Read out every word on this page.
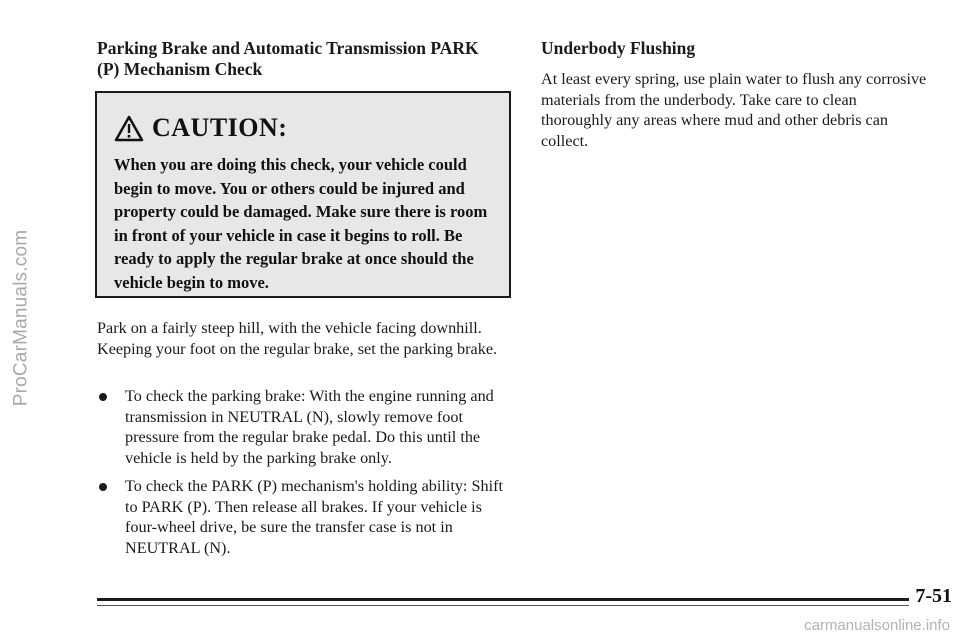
ProCarManuals.com
Parking Brake and Automatic Transmission PARK
(P) Mechanism Check
CAUTION:

When you are doing this check, your vehicle could begin to move. You or others could be injured and property could be damaged. Make sure there is room in front of your vehicle in case it begins to roll. Be ready to apply the regular brake at once should the vehicle begin to move.

Park on a fairly steep hill, with the vehicle facing downhill. Keeping your foot on the regular brake, set the parking brake.

To check the parking brake: With the engine running and transmission in NEUTRAL (N), slowly remove foot pressure from the regular brake pedal. Do this until the vehicle is held by the parking brake only.
To check the PARK (P) mechanism's holding ability: Shift to PARK (P). Then release all brakes. If your vehicle is four-wheel drive, be sure the transfer case is not in NEUTRAL (N).
Underbody Flushing

At least every spring, use plain water to flush any corrosive materials from the underbody. Take care to clean thoroughly any areas where mud and other debris can collect.

7-51
carmanualsonline.info
